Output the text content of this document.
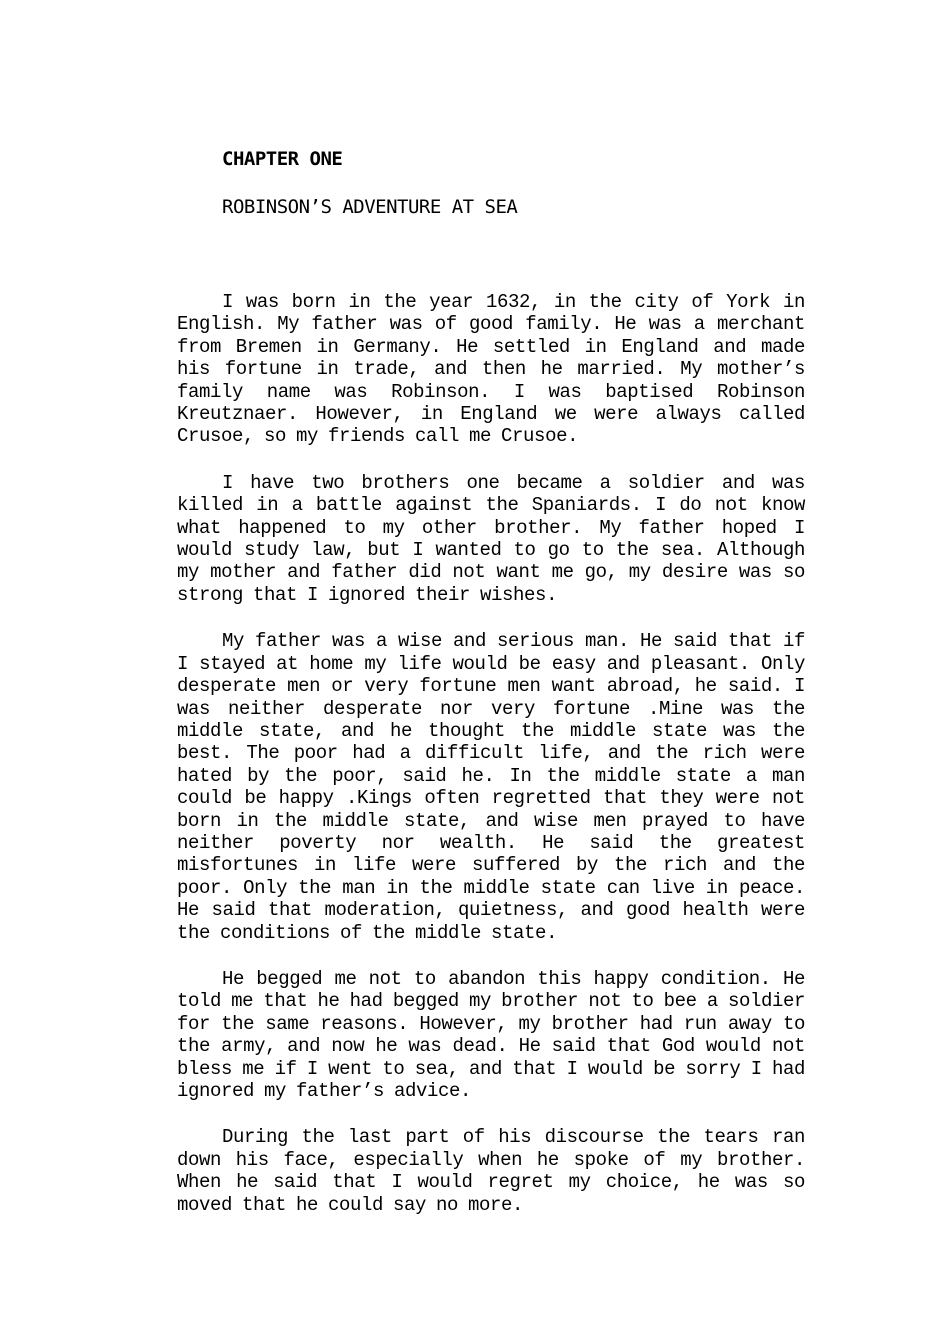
CHAPTER ONE
ROBINSON’S ADVENTURE AT SEA

I was born in the year 1632, in the city of York in English. My father was of good family. He was a merchant from Bremen in Germany. He settled in England and made his fortune in trade, and then he married. My mother’s family name was Robinson. I was baptised Robinson Kreutznaer. However, in England we were always called Crusoe, so my friends call me Crusoe.

I have two brothers one became a soldier and was killed in a battle against the Spaniards. I do not know what happened to my other brother. My father hoped I would study law, but I wanted to go to the sea. Although my mother and father did not want me go, my desire was so strong that I ignored their wishes.

My father was a wise and serious man. He said that if I stayed at home my life would be easy and pleasant. Only desperate men or very fortune men want abroad, he said. I was neither desperate nor very fortune .Mine was the middle state, and he thought the middle state was the best. The poor had a difficult life, and the rich were hated by the poor, said he. In the middle state a man could be happy .Kings often regretted that they were not born in the middle state, and wise men prayed to have neither poverty nor wealth. He said the greatest misfortunes in life were suffered by the rich and the poor. Only the man in the middle state can live in peace. He said that moderation, quietness, and good health were the conditions of the middle state.

He begged me not to abandon this happy condition. He told me that he had begged my brother not to bee a soldier for the same reasons. However, my brother had run away to the army, and now he was dead. He said that God would not bless me if I went to sea, and that I would be sorry I had ignored my father’s advice.

During the last part of his discourse the tears ran down his face, especially when he spoke of my brother. When he said that I would regret my choice, he was so moved that he could say no more.
